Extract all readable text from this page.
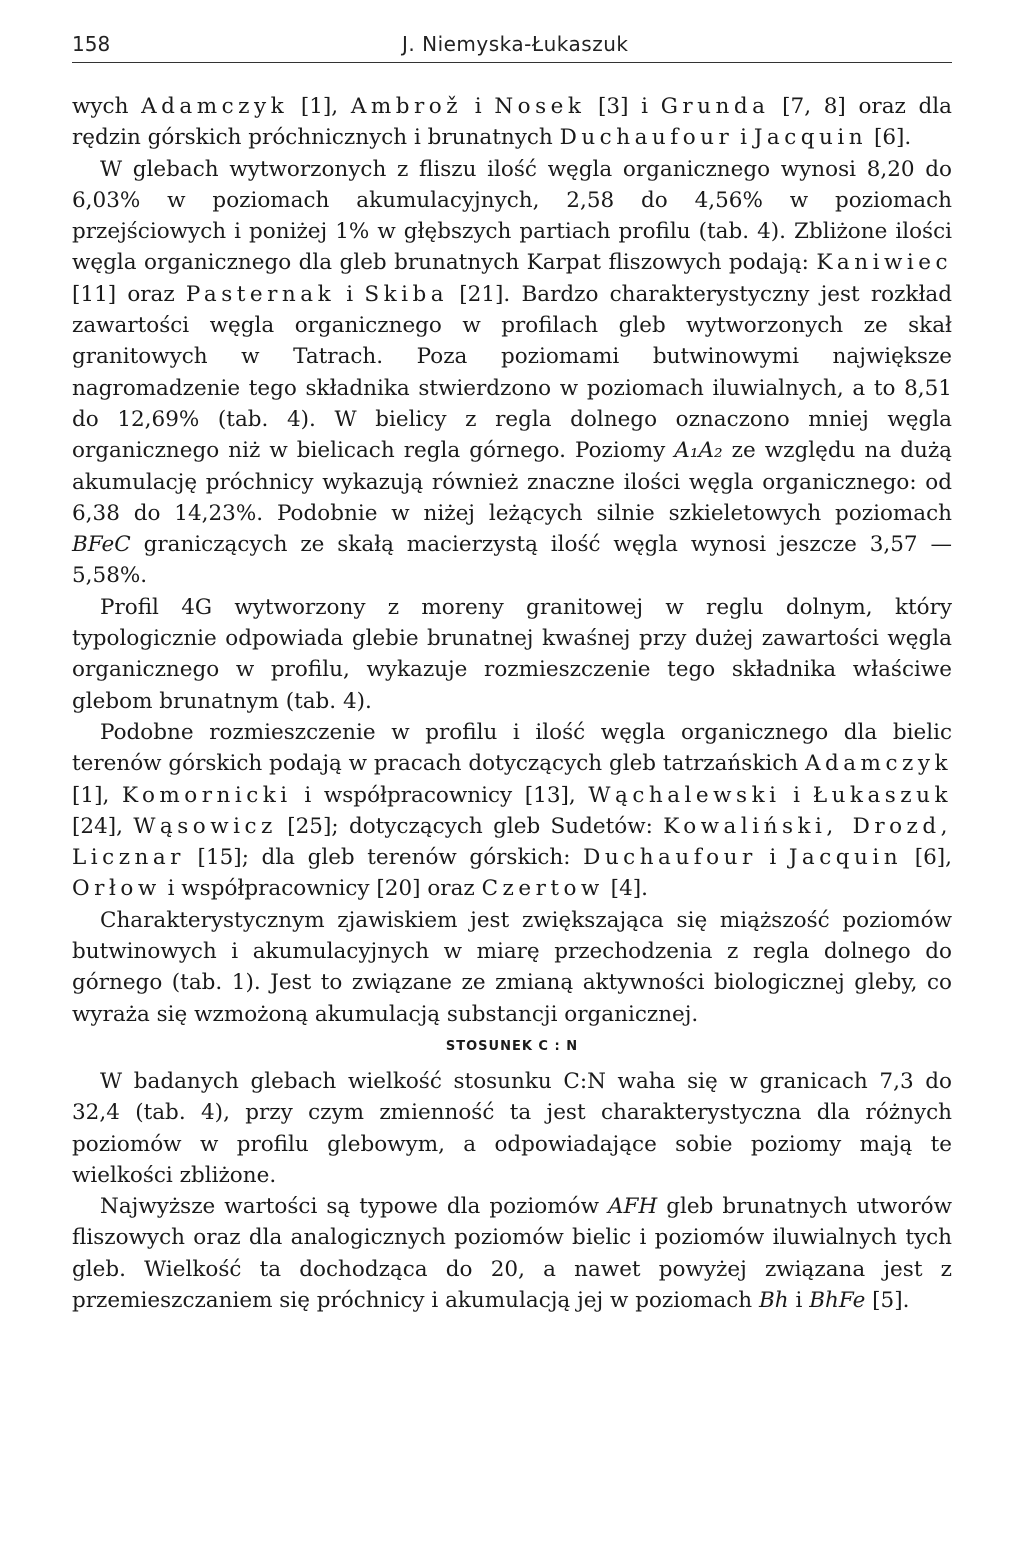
158	J. Niemyska-Łukaszuk

wych Adamczyk [1], Ambrož i Nosek [3] i Grunda [7, 8] oraz dla rędzin górskich próchnicznych i brunatnych Duchaufour i Jacquin [6].

W glebach wytworzonych z fliszu ilość węgla organicznego wynosi 8,20 do 6,03% w poziomach akumulacyjnych, 2,58 do 4,56% w poziomach przejściowych i poniżej 1% w głębszych partiach profilu (tab. 4). Zbliżone ilości węgla organicznego dla gleb brunatnych Karpat fliszowych podają: Kaniwiec [11] oraz Pasternak i Skiba [21]. Bardzo charakterystyczny jest rozkład zawartości węgla organicznego w profilach gleb wytworzonych ze skał granitowych w Tatrach. Poza poziomami butwinowymi największe nagromadzenie tego składnika stwierdzono w poziomach iluwialnych, a to 8,51 do 12,69% (tab. 4). W bielicy z regla dolnego oznaczono mniej węgla organicznego niż w bielicach regla górnego. Poziomy A₁A₂ ze względu na dużą akumulację próchnicy wykazują również znaczne ilości węgla organicznego: od 6,38 do 14,23%. Podobnie w niżej leżących silnie szkieletowych poziomach BFeC graniczących ze skałą macierzystą ilość węgla wynosi jeszcze 3,57 —5,58%.

Profil 4G wytworzony z moreny granitowej w reglu dolnym, który typologicznie odpowiada glebie brunatnej kwaśnej przy dużej zawartości węgla organicznego w profilu, wykazuje rozmieszczenie tego składnika właściwe glebom brunatnym (tab. 4).

Podobne rozmieszczenie w profilu i ilość węgla organicznego dla bielic terenów górskich podają w pracach dotyczących gleb tatrzańskich Adamczyk [1], Komornicki i współpracownicy [13], Wąchalewski i Łukaszuk [24], Wąsowicz [25]; dotyczących gleb Sudetów: Kowaliński, Drozd, Licznar [15]; dla gleb terenów górskich: Duchaufour i Jacquin [6], Orłow i współpracownicy [20] oraz Czertow [4].

Charakterystycznym zjawiskiem jest zwiększająca się miąższość poziomów butwinowych i akumulacyjnych w miarę przechodzenia z regla dolnego do górnego (tab. 1). Jest to związane ze zmianą aktywności biologicznej gleby, co wyraża się wzmożoną akumulacją substancji organicznej.

STOSUNEK C : N

W badanych glebach wielkość stosunku C:N waha się w granicach 7,3 do 32,4 (tab. 4), przy czym zmienność ta jest charakterystyczna dla różnych poziomów w profilu glebowym, a odpowiadające sobie poziomy mają te wielkości zbliżone.

Najwyższe wartości są typowe dla poziomów AFH gleb brunatnych utworów fliszowych oraz dla analogicznych poziomów bielic i poziomów iluwialnych tych gleb. Wielkość ta dochodząca do 20, a nawet powyżej związana jest z przemieszczaniem się próchnicy i akumulacją jej w poziomach Bh i BhFe [5].
